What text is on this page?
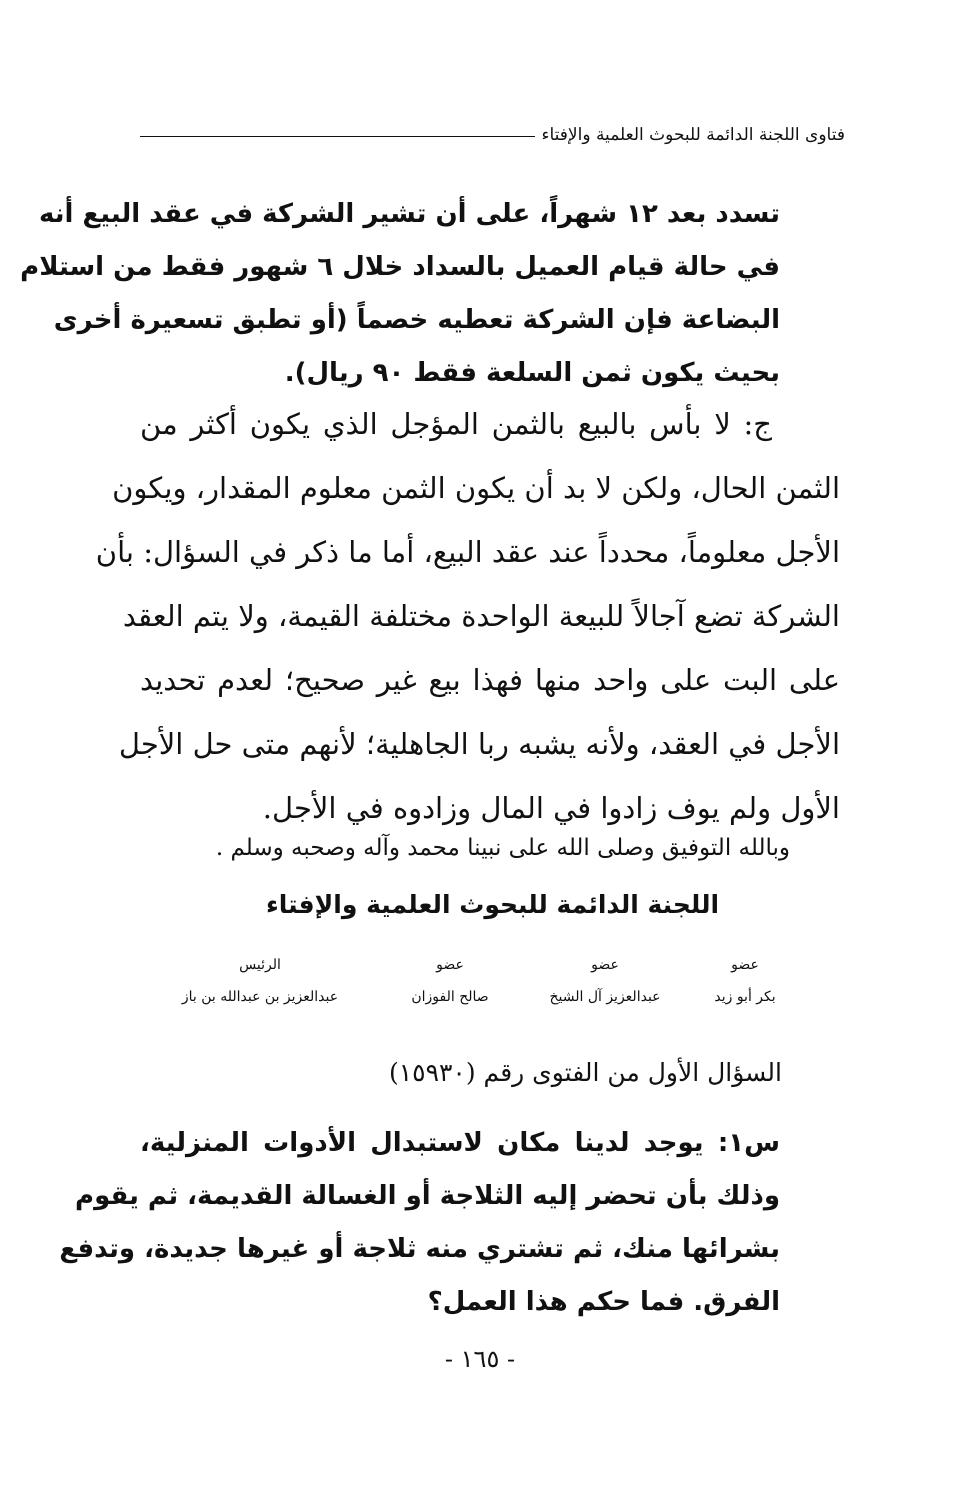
فتاوى اللجنة الدائمة للبحوث العلمية والإفتاء
تسدد بعد ١٢ شهراً، على أن تشير الشركة في عقد البيع أنه
في حالة قيام العميل بالسداد خلال ٦ شهور فقط من استلام
البضاعة فإن الشركة تعطيه خصماً (أو تطبق تسعيرة أخرى
بحيث يكون ثمن السلعة فقط ٩٠ ريال).
ج: لا بأس بالبيع بالثمن المؤجل الذي يكون أكثر من
الثمن الحال، ولكن لا بد أن يكون الثمن معلوم المقدار، ويكون
الأجل معلوماً، محدداً عند عقد البيع، أما ما ذكر في السؤال: بأن
الشركة تضع آجالاً للبيعة الواحدة مختلفة القيمة، ولا يتم العقد
على البت على واحد منها فهذا بيع غير صحيح؛ لعدم تحديد
الأجل في العقد، ولأنه يشبه ربا الجاهلية؛ لأنهم متى حل الأجل
الأول ولم يوف زادوا في المال وزادوه في الأجل.
وبالله التوفيق وصلى الله على نبينا محمد وآله وصحبه وسلم .
اللجنة الدائمة للبحوث العلمية والإفتاء
عضو
بكر أبو زيد
عضو
عبدالعزيز آل الشيخ
عضو
صالح الفوزان
الرئيس
عبدالعزيز بن عبدالله بن باز
السؤال الأول من الفتوى رقم (١٥٩٣٠)
س١: يوجد لدينا مكان لاستبدال الأدوات المنزلية،
وذلك بأن تحضر إليه الثلاجة أو الغسالة القديمة، ثم يقوم
بشرائها منك، ثم تشتري منه ثلاجة أو غيرها جديدة، وتدفع
الفرق. فما حكم هذا العمل؟
- ١٦٥ -
